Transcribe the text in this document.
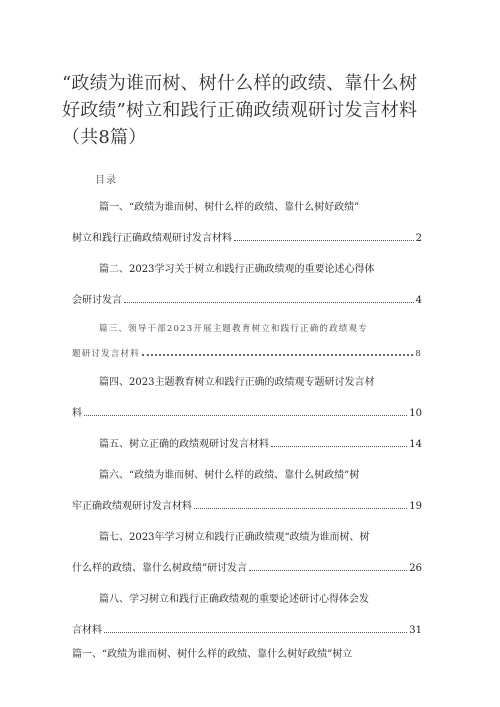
“政绩为谁而树、树什么样的政绩、靠什么树
好政绩”树立和践行正确政绩观研讨发言材料
（共8篇）
目录
篇一、“政绩为谁而树、树什么样的政绩、靠什么树好政绩”
树立和践行正确政绩观研讨发言材料	2
篇二、2023学习关于树立和践行正确政绩观的重要论述心得体
会研讨发言	4
篇三、领导干部2023开展主题教育树立和践行正确的政绩观专
题研讨发言材料	8
篇四、2023主题教育树立和践行正确的政绩观专题研讨发言材
料	10
篇五、树立正确的政绩观研讨发言材料	14
篇六、“政绩为谁而树、树什么样的政绩、靠什么树政绩”树
牢正确政绩观研讨发言材料	19
篇七、2023年学习树立和践行正确政绩观“政绩为谁而树、树
什么样的政绩、靠什么树政绩”研讨发言	26
篇八、学习树立和践行正确政绩观的重要论述研讨心得体会发
言材料	31
篇一、“政绩为谁而树、树什么样的政绩、靠什么树好政绩”树立
